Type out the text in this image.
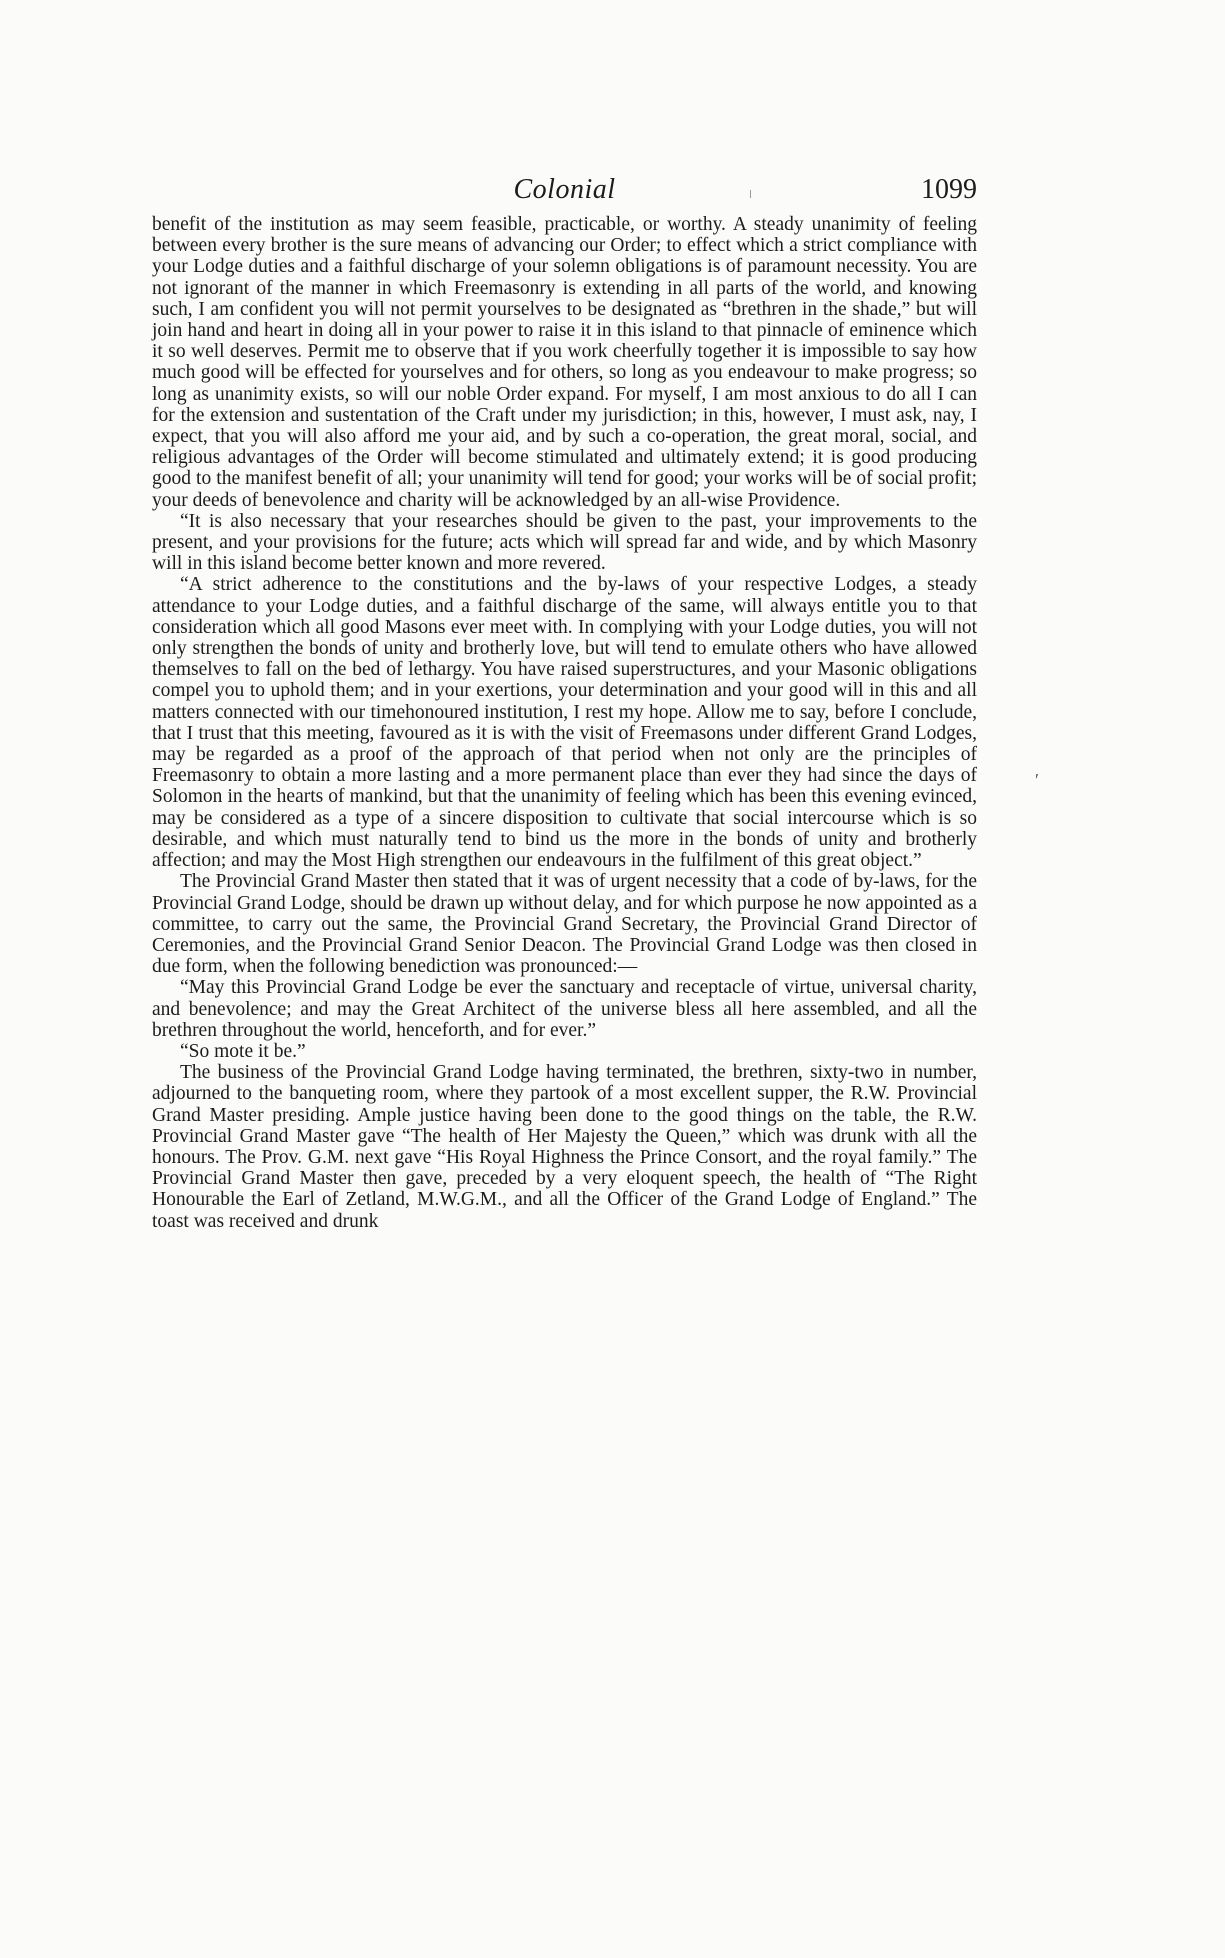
Colonial	1099

benefit of the institution as may seem feasible, practicable, or worthy. A steady unanimity of feeling between every brother is the sure means of advancing our Order; to effect which a strict compliance with your Lodge duties and a faithful discharge of your solemn obligations is of paramount necessity. You are not ignorant of the manner in which Freemasonry is extending in all parts of the world, and knowing such, I am confident you will not permit yourselves to be designated as “brethren in the shade,” but will join hand and heart in doing all in your power to raise it in this island to that pinnacle of eminence which it so well deserves. Permit me to observe that if you work cheerfully together it is impossible to say how much good will be effected for yourselves and for others, so long as you endeavour to make progress; so long as unanimity exists, so will our noble Order expand. For myself, I am most anxious to do all I can for the extension and sustentation of the Craft under my jurisdiction; in this, however, I must ask, nay, I expect, that you will also afford me your aid, and by such a co-operation, the great moral, social, and religious advantages of the Order will become stimulated and ultimately extend; it is good producing good to the manifest benefit of all; your unanimity will tend for good; your works will be of social profit; your deeds of benevolence and charity will be acknowledged by an all-wise Providence.

“It is also necessary that your researches should be given to the past, your improvements to the present, and your provisions for the future; acts which will spread far and wide, and by which Masonry will in this island become better known and more revered.

“A strict adherence to the constitutions and the by-laws of your respective Lodges, a steady attendance to your Lodge duties, and a faithful discharge of the same, will always entitle you to that consideration which all good Masons ever meet with. In complying with your Lodge duties, you will not only strengthen the bonds of unity and brotherly love, but will tend to emulate others who have allowed themselves to fall on the bed of lethargy. You have raised superstructures, and your Masonic obligations compel you to uphold them; and in your exertions, your determination and your good will in this and all matters connected with our timehonoured institution, I rest my hope. Allow me to say, before I conclude, that I trust that this meeting, favoured as it is with the visit of Freemasons under different Grand Lodges, may be regarded as a proof of the approach of that period when not only are the principles of Freemasonry to obtain a more lasting and a more permanent place than ever they had since the days of Solomon in the hearts of mankind, but that the unanimity of feeling which has been this evening evinced, may be considered as a type of a sincere disposition to cultivate that social intercourse which is so desirable, and which must naturally tend to bind us the more in the bonds of unity and brotherly affection; and may the Most High strengthen our endeavours in the fulfilment of this great object.”

The Provincial Grand Master then stated that it was of urgent necessity that a code of by-laws, for the Provincial Grand Lodge, should be drawn up without delay, and for which purpose he now appointed as a committee, to carry out the same, the Provincial Grand Secretary, the Provincial Grand Director of Ceremonies, and the Provincial Grand Senior Deacon. The Provincial Grand Lodge was then closed in due form, when the following benediction was pronounced:—

“May this Provincial Grand Lodge be ever the sanctuary and receptacle of virtue, universal charity, and benevolence; and may the Great Architect of the universe bless all here assembled, and all the brethren throughout the world, henceforth, and for ever.”

“So mote it be.”

The business of the Provincial Grand Lodge having terminated, the brethren, sixty-two in number, adjourned to the banqueting room, where they partook of a most excellent supper, the R.W. Provincial Grand Master presiding. Ample justice having been done to the good things on the table, the R.W. Provincial Grand Master gave “The health of Her Majesty the Queen,” which was drunk with all the honours. The Prov. G.M. next gave “His Royal Highness the Prince Consort, and the royal family.” The Provincial Grand Master then gave, preceded by a very eloquent speech, the health of “The Right Honourable the Earl of Zetland, M.W.G.M., and all the Officer of the Grand Lodge of England.” The toast was received and drunk

′
